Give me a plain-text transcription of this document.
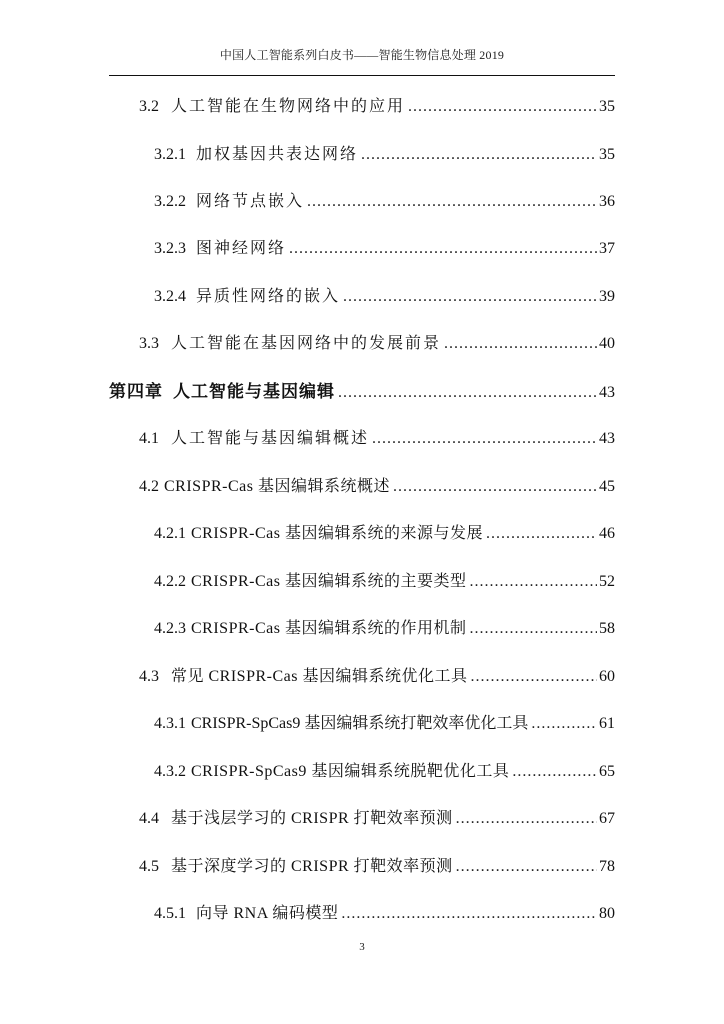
中国人工智能系列白皮书——智能生物信息处理 2019
3.2 人工智能在生物网络中的应用 .....	35
3.2.1 加权基因共表达网络 .....	35
3.2.2 网络节点嵌入 .....	36
3.2.3 图神经网络 .....	37
3.2.4 异质性网络的嵌入 .....	39
3.3 人工智能在基因网络中的发展前景 .....	40
第四章 人工智能与基因编辑 .....	43
4.1 人工智能与基因编辑概述 .....	43
4.2 CRISPR-Cas 基因编辑系统概述 .....	45
4.2.1 CRISPR-Cas 基因编辑系统的来源与发展 .....	46
4.2.2 CRISPR-Cas 基因编辑系统的主要类型 .....	52
4.2.3 CRISPR-Cas 基因编辑系统的作用机制 .....	58
4.3 常见 CRISPR-Cas 基因编辑系统优化工具 .....	60
4.3.1 CRISPR-SpCas9 基因编辑系统打靶效率优化工具 .....	61
4.3.2 CRISPR-SpCas9 基因编辑系统脱靶优化工具 .....	65
4.4 基于浅层学习的 CRISPR 打靶效率预测 .....	67
4.5 基于深度学习的 CRISPR 打靶效率预测 .....	78
4.5.1 向导 RNA 编码模型 .....	80
3
